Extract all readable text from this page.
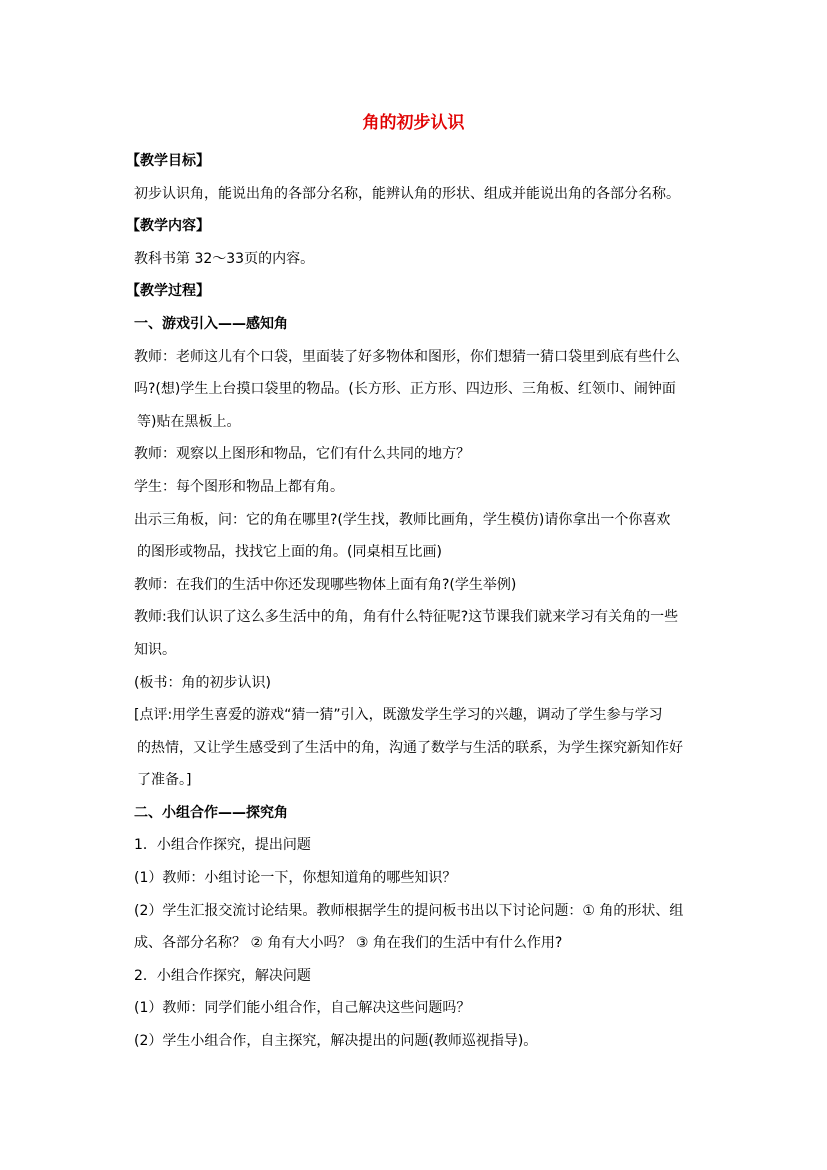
角的初步认识

【教学目标】

初步认识角，能说出角的各部分名称，能辨认角的形状、组成并能说出角的各部分名称。

【教学内容】

教科书第 32～33页的内容。

【教学过程】

一、游戏引入——感知角

教师：老师这儿有个口袋，里面装了好多物体和图形，你们想猜一猜口袋里到底有些什么

吗?(想)学生上台摸口袋里的物品。(长方形、正方形、四边形、三角板、红领巾、闹钟面

等)贴在黑板上。

教师：观察以上图形和物品，它们有什么共同的地方？

学生：每个图形和物品上都有角。

出示三角板，问：它的角在哪里?(学生找，教师比画角，学生模仿)请你拿出一个你喜欢

的图形或物品，找找它上面的角。(同桌相互比画)

教师：在我们的生活中你还发现哪些物体上面有角?(学生举例)

教师:我们认识了这么多生活中的角，角有什么特征呢?这节课我们就来学习有关角的一些

知识。

(板书：角的初步认识)

[点评:用学生喜爱的游戏“猜一猜”引入，既激发学生学习的兴趣，调动了学生参与学习

的热情，又让学生感受到了生活中的角，沟通了数学与生活的联系，为学生探究新知作好

了准备。]

二、小组合作——探究角

1．小组合作探究，提出问题

(1）教师：小组讨论一下，你想知道角的哪些知识？

(2）学生汇报交流讨论结果。教师根据学生的提问板书出以下讨论问题：① 角的形状、组

成、各部分名称？ ② 角有大小吗？ ③ 角在我们的生活中有什么作用?

2．小组合作探究，解决问题

(1）教师：同学们能小组合作，自己解决这些问题吗？

(2）学生小组合作，自主探究，解决提出的问题(教师巡视指导)。
